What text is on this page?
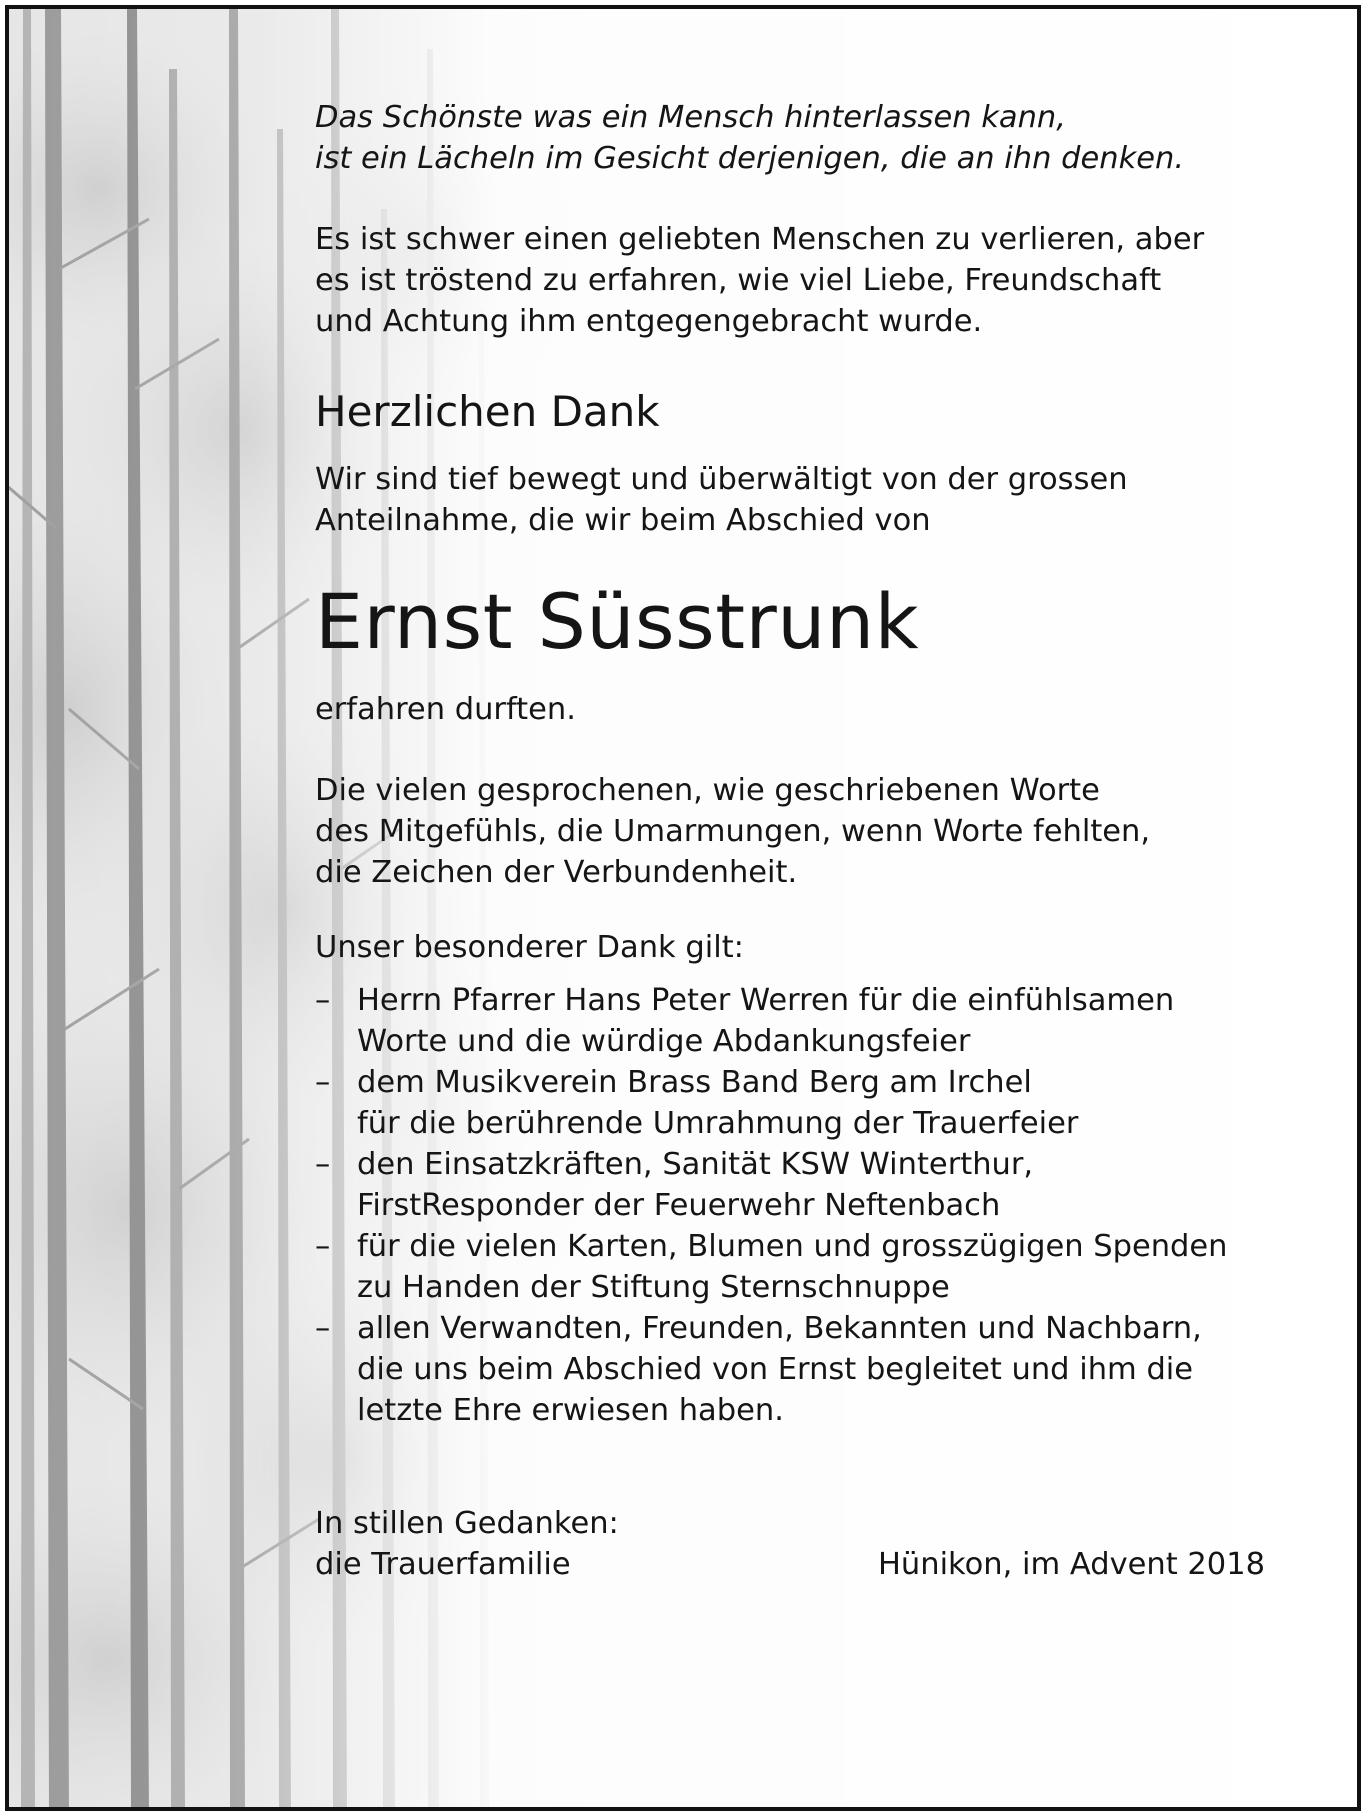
Das Schönste was ein Mensch hinterlassen kann,

ist ein Lächeln im Gesicht derjenigen, die an ihn denken.

Es ist schwer einen geliebten Menschen zu verlieren, aber

es ist tröstend zu erfahren, wie viel Liebe, Freundschaft

und Achtung ihm entgegengebracht wurde.

Herzlichen Dank

Wir sind tief bewegt und überwältigt von der grossen

Anteilnahme, die wir beim Abschied von

Ernst Süsstrunk

erfahren durften.

Die vielen gesprochenen, wie geschriebenen Worte

des Mitgefühls, die Umarmungen, wenn Worte fehlten,

die Zeichen der Verbundenheit.

Unser besonderer Dank gilt:

– Herrn Pfarrer Hans Peter Werren für die einfühlsamen
Worte und die würdige Abdankungsfeier
– dem Musikverein Brass Band Berg am Irchel
für die berührende Umrahmung der Trauerfeier
– den Einsatzkräften, Sanität KSW Winterthur,
FirstResponder der Feuerwehr Neftenbach
– für die vielen Karten, Blumen und grosszügigen Spenden
zu Handen der Stiftung Sternschnuppe
– allen Verwandten, Freunden, Bekannten und Nachbarn,
die uns beim Abschied von Ernst begleitet und ihm die
letzte Ehre erwiesen haben.

In stillen Gedanken:

die Trauerfamilie	Hünikon, im Advent 2018
